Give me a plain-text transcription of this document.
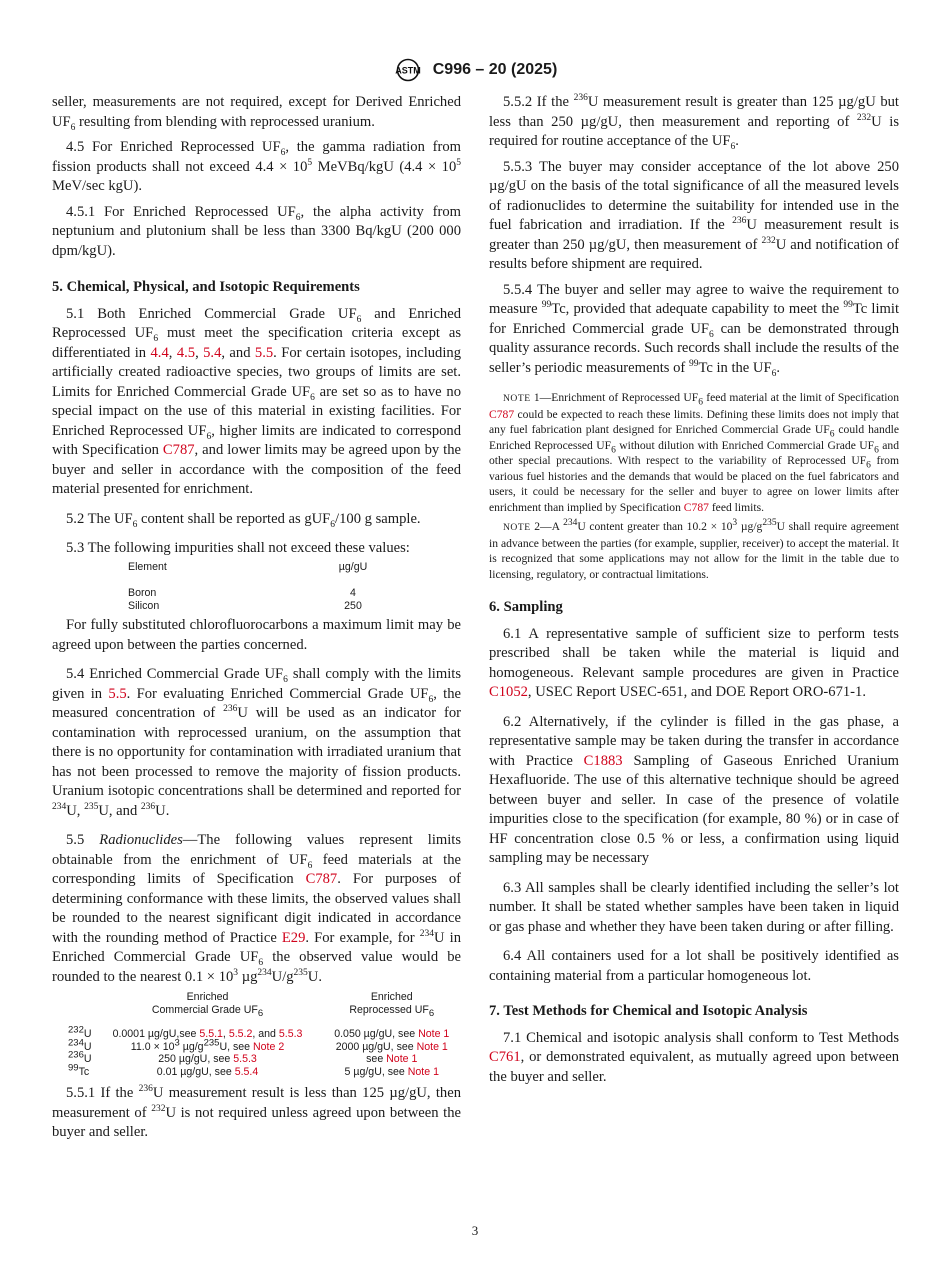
ASTM C996 – 20 (2025)

seller, measurements are not required, except for Derived Enriched $UF_6$ resulting from blending with reprocessed uranium.

4.5 For Enriched Reprocessed $UF_6$, the gamma radiation from fission products shall not exceed $4.4 \times 10^5$ MeVBq/kgU ($4.4 \times 10^5$ MeV/sec kgU).

4.5.1 For Enriched Reprocessed $UF_6$, the alpha activity from neptunium and plutonium shall be less than 3300 Bq/kgU (200 000 dpm/kgU).

5. Chemical, Physical, and Isotopic Requirements

5.1 Both Enriched Commercial Grade $UF_6$ and Enriched Reprocessed $UF_6$ must meet the specification criteria except as differentiated in 4.4, 4.5, 5.4, and 5.5. For certain isotopes, including artificially created radioactive species, two groups of limits are set. Limits for Enriched Commercial Grade $UF_6$ are set so as to have no special impact on the use of this material in existing facilities. For Enriched Reprocessed $UF_6$, higher limits are indicated to correspond with Specification C787, and lower limits may be agreed upon by the buyer and seller in accordance with the composition of the feed material presented for enrichment.

5.2 The $UF_6$ content shall be reported as gUF$_6$/100 g sample.

5.3 The following impurities shall not exceed these values:

Element	µg/gU

Boron	4
Silicon	250

For fully substituted chlorofluorocarbons a maximum limit may be agreed upon between the parties concerned.

5.4 Enriched Commercial Grade $UF_6$ shall comply with the limits given in 5.5. For evaluating Enriched Commercial Grade $UF_6$, the measured concentration of $^{236}$U will be used as an indicator for contamination with reprocessed uranium, on the assumption that there is no opportunity for contamination with irradiated uranium that has not been processed to remove the majority of fission products. Uranium isotopic concentrations shall be determined and reported for $^{234}$U, $^{235}$U, and $^{236}$U.

5.5 Radionuclides—The following values represent limits obtainable from the enrichment of $UF_6$ feed materials at the corresponding limits of Specification C787. For purposes of determining conformance with these limits, the observed values shall be rounded to the nearest significant digit indicated in accordance with the rounding method of Practice E29. For example, for $^{234}$U in Enriched Commercial Grade $UF_6$ the observed value would be rounded to the nearest $0.1 \times 10^3$ $\mu g^{234}U/g^{235}U$.

	Enriched	Enriched
	Commercial Grade $UF_6$	Reprocessed $UF_6$

$^{232}$U	0.0001 µg/gU,see 5.5.1, 5.5.2, and 5.5.3	0.050 µg/gU, see Note 1
$^{234}$U	$11.0 \times 10^3$ $\mu g/g^{235}U$, see Note 2	2000 µg/gU, see Note 1
$^{236}$U	250 µg/gU, see 5.5.3	see Note 1
$^{99}$Tc	0.01 µg/gU, see 5.5.4	5 µg/gU, see Note 1

5.5.1 If the $^{236}$U measurement result is less than 125 µg/gU, then measurement of $^{232}$U is not required unless agreed upon between the buyer and seller.

5.5.2 If the $^{236}$U measurement result is greater than 125 µg/gU but less than 250 µg/gU, then measurement and reporting of $^{232}$U is required for routine acceptance of the $UF_6$.

5.5.3 The buyer may consider acceptance of the lot above 250 µg/gU on the basis of the total significance of all the measured levels of radionuclides to determine the suitability for intended use in the fuel fabrication and irradiation. If the $^{236}$U measurement result is greater than 250 µg/gU, then measurement of $^{232}$U and notification of results before shipment are required.

5.5.4 The buyer and seller may agree to waive the requirement to measure $^{99}$Tc, provided that adequate capability to meet the $^{99}$Tc limit for Enriched Commercial grade $UF_6$ can be demonstrated through quality assurance records. Such records shall include the results of the seller’s periodic measurements of $^{99}$Tc in the $UF_6$.

NOTE 1—Enrichment of Reprocessed $UF_6$ feed material at the limit of Specification C787 could be expected to reach these limits. Defining these limits does not imply that any fuel fabrication plant designed for Enriched Commercial Grade $UF_6$ could handle Enriched Reprocessed $UF_6$ without dilution with Enriched Commercial Grade $UF_6$ and other special precautions. With respect to the variability of Reprocessed $UF_6$ from various fuel histories and the demands that would be placed on the fuel fabricators and users, it could be necessary for the seller and buyer to agree on lower limits after enrichment than implied by Specification C787 feed limits.

NOTE 2—A $^{234}$U content greater than $10.2 \times 10^3$ $\mu g/g^{235}U$ shall require agreement in advance between the parties (for example, supplier, receiver) to accept the material. It is recognized that some applications may not allow for the limit in the table due to licensing, regulatory, or contractual limitations.

6. Sampling

6.1 A representative sample of sufficient size to perform tests prescribed shall be taken while the material is liquid and homogeneous. Relevant sample procedures are given in Practice C1052, USEC Report USEC-651, and DOE Report ORO-671-1.

6.2 Alternatively, if the cylinder is filled in the gas phase, a representative sample may be taken during the transfer in accordance with Practice C1883 Sampling of Gaseous Enriched Uranium Hexafluoride. The use of this alternative technique should be agreed between buyer and seller. In case of the presence of volatile impurities close to the specification (for example, 80 %) or in case of HF concentration close 0.5 % or less, a confirmation using liquid sampling may be necessary

6.3 All samples shall be clearly identified including the seller’s lot number. It shall be stated whether samples have been taken in liquid or gas phase and whether they have been taken during or after filling.

6.4 All containers used for a lot shall be positively identified as containing material from a particular homogeneous lot.

7. Test Methods for Chemical and Isotopic Analysis

7.1 Chemical and isotopic analysis shall conform to Test Methods C761, or demonstrated equivalent, as mutually agreed upon between the buyer and seller.

3
